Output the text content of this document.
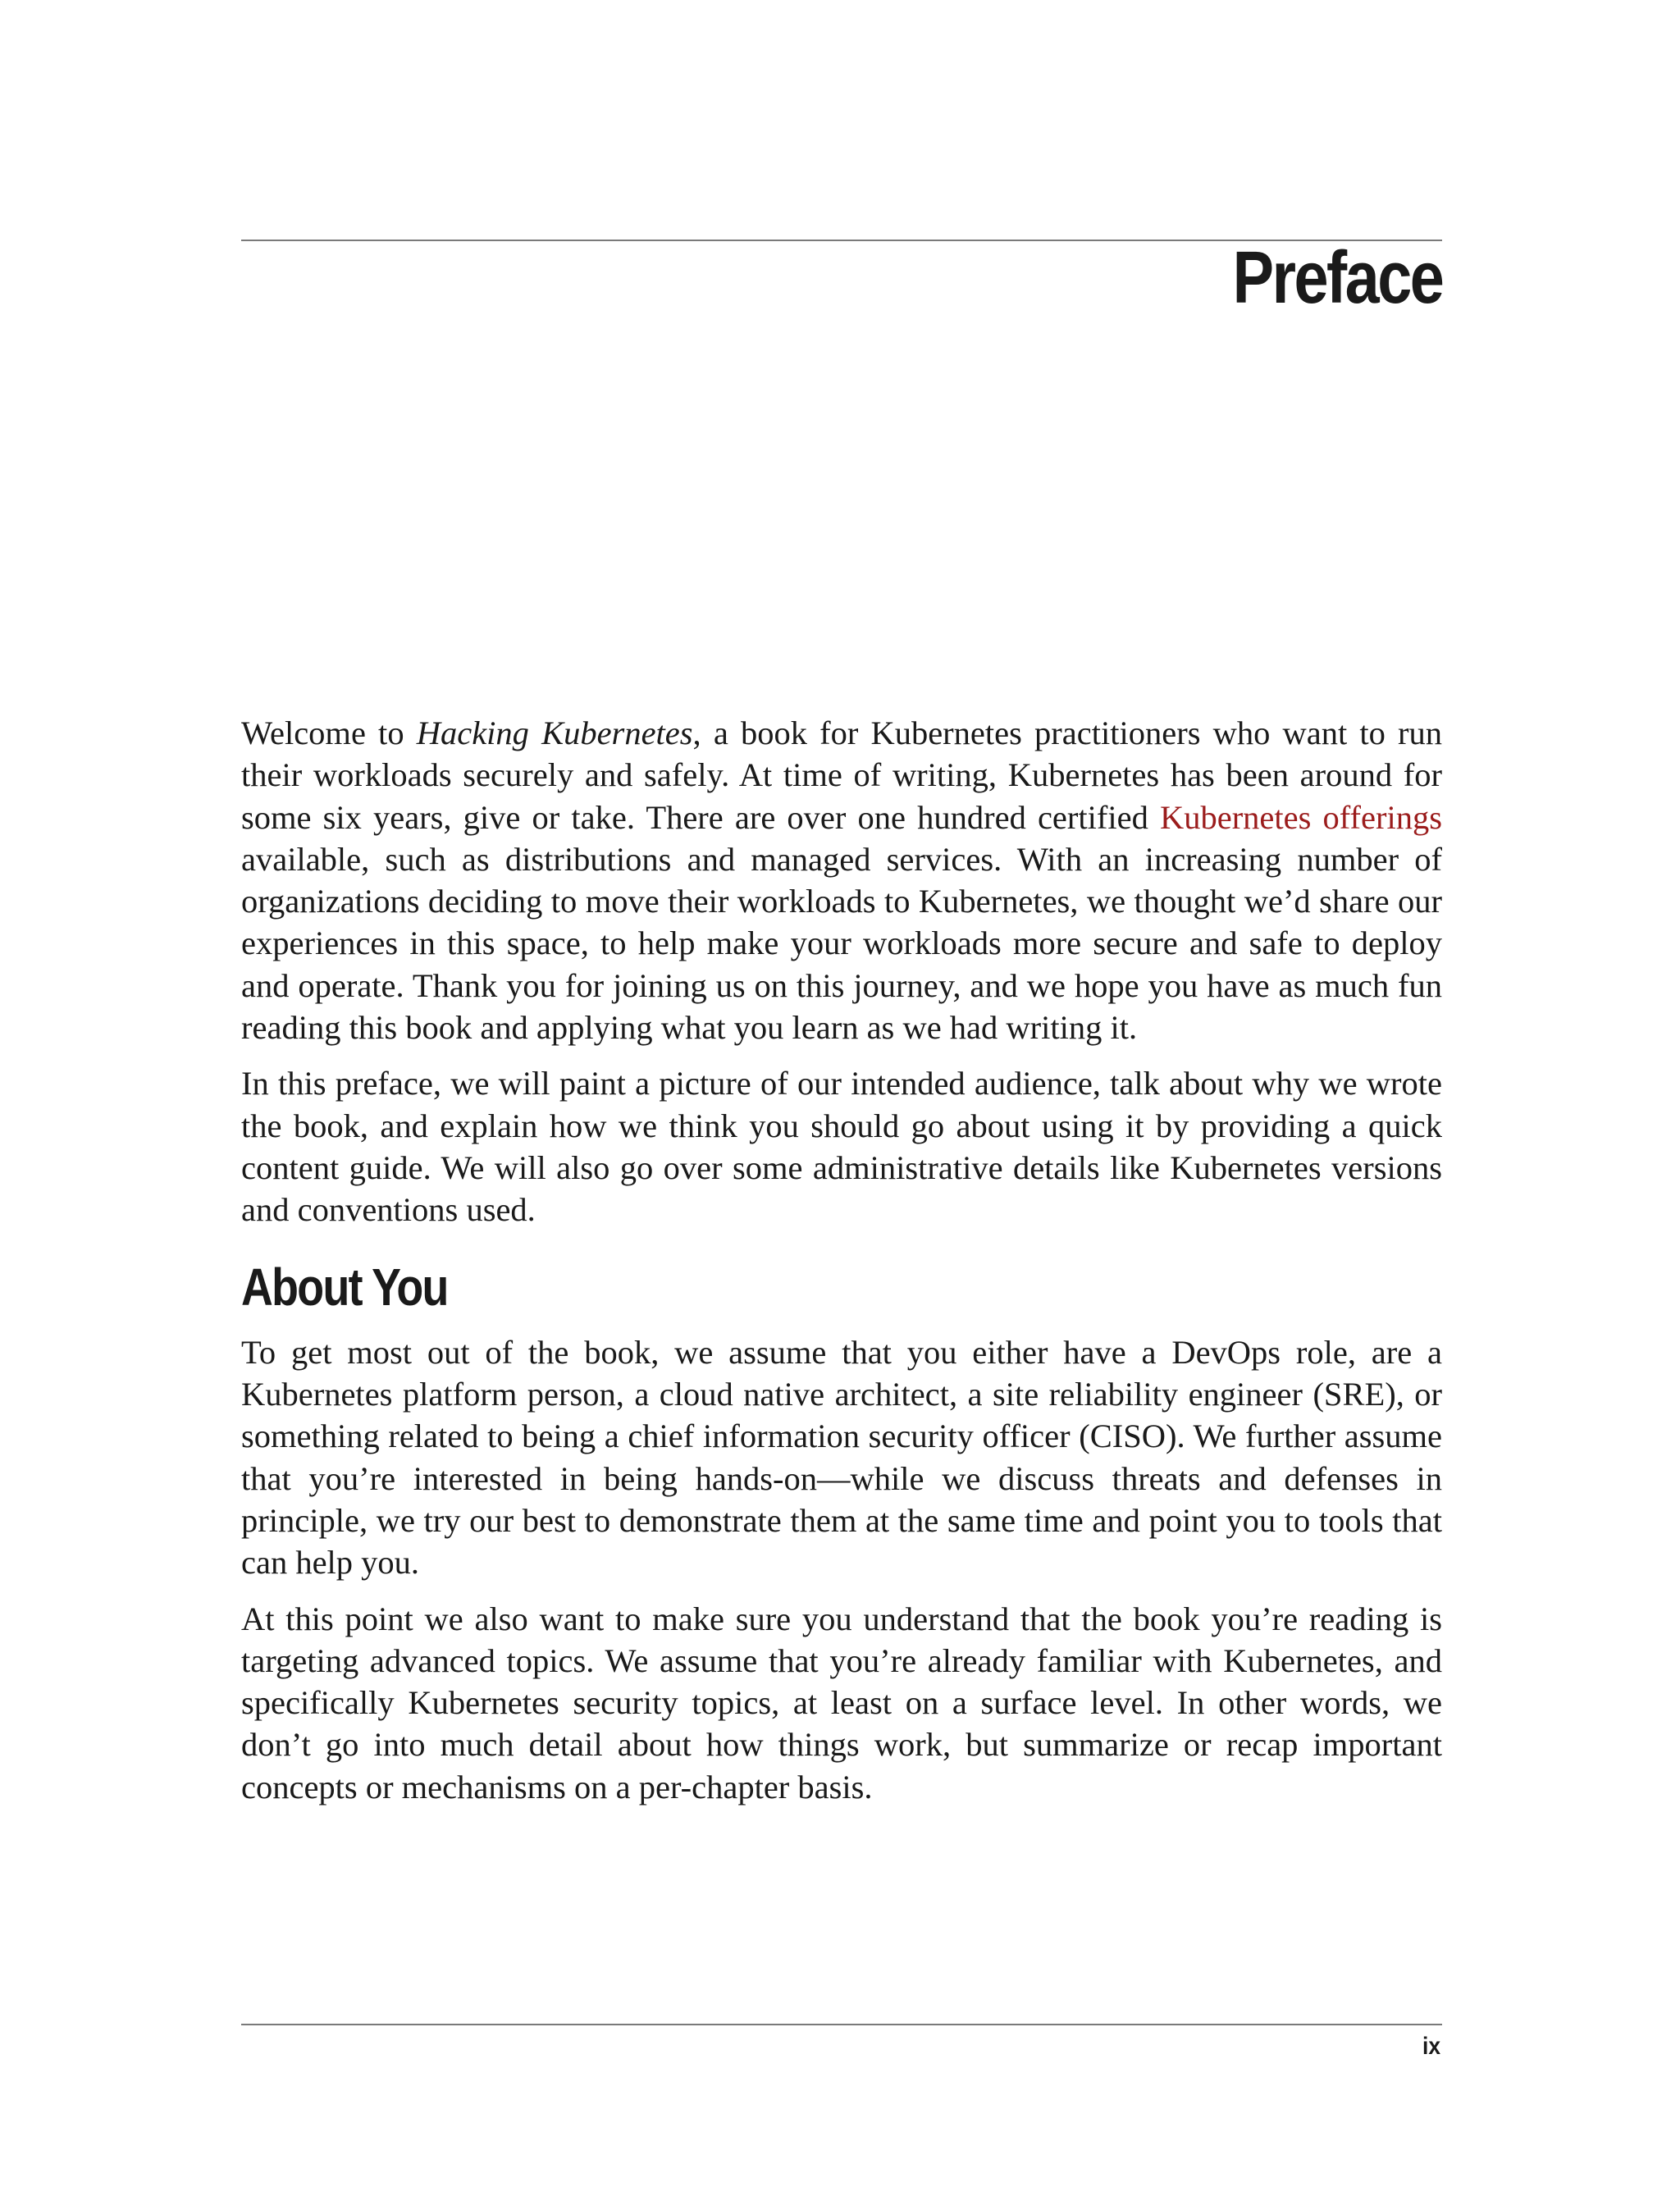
Preface

Welcome to Hacking Kubernetes, a book for Kubernetes practitioners who want to run their workloads securely and safely. At time of writing, Kubernetes has been around for some six years, give or take. There are over one hundred certified Kubernetes offerings available, such as distributions and managed services. With an increasing number of organizations deciding to move their workloads to Kubernetes, we thought we’d share our experiences in this space, to help make your workloads more secure and safe to deploy and operate. Thank you for joining us on this journey, and we hope you have as much fun reading this book and applying what you learn as we had writing it.

In this preface, we will paint a picture of our intended audience, talk about why we wrote the book, and explain how we think you should go about using it by providing a quick content guide. We will also go over some administrative details like Kubernetes versions and conventions used.

About You

To get most out of the book, we assume that you either have a DevOps role, are a Kubernetes platform person, a cloud native architect, a site reliability engineer (SRE), or something related to being a chief information security officer (CISO). We further assume that you’re interested in being hands-on—while we discuss threats and defenses in principle, we try our best to demonstrate them at the same time and point you to tools that can help you.

At this point we also want to make sure you understand that the book you’re reading is targeting advanced topics. We assume that you’re already familiar with Kubernetes, and specifically Kubernetes security topics, at least on a surface level. In other words, we don’t go into much detail about how things work, but summarize or recap important concepts or mechanisms on a per-chapter basis.

ix
